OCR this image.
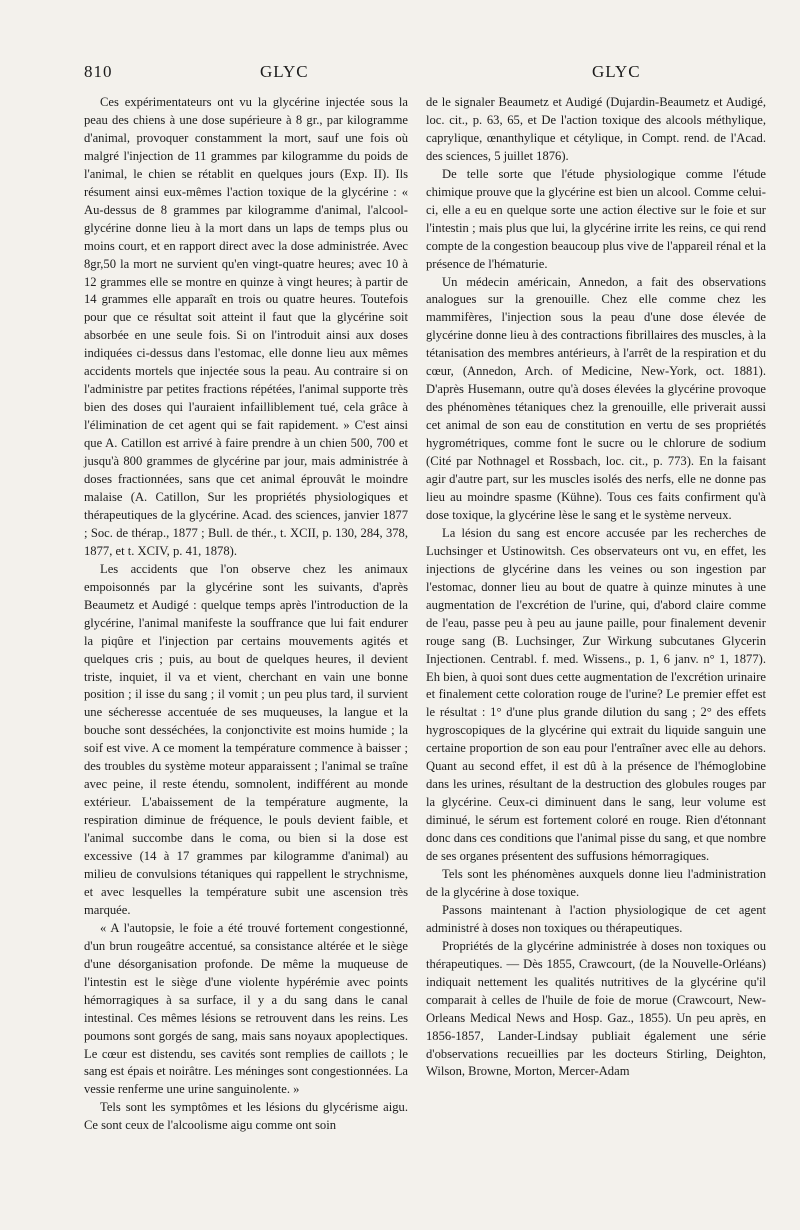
810	GLYC	GLYC

Ces expérimentateurs ont vu la glycérine injectée sous la peau des chiens à une dose supérieure à 8 gr., par kilogramme d'animal, provoquer constamment la mort, sauf une fois où malgré l'injection de 11 grammes par kilogramme du poids de l'animal, le chien se rétablit en quelques jours (Exp. II). Ils résument ainsi eux-mêmes l'action toxique de la glycérine : « Au-dessus de 8 grammes par kilogramme d'animal, l'alcool-glycérine donne lieu à la mort dans un laps de temps plus ou moins court, et en rapport direct avec la dose administrée. Avec 8gr,50 la mort ne survient qu'en vingt-quatre heures; avec 10 à 12 grammes elle se montre en quinze à vingt heures; à partir de 14 grammes elle apparaît en trois ou quatre heures. Toutefois pour que ce résultat soit atteint il faut que la glycérine soit absorbée en une seule fois. Si on l'introduit ainsi aux doses indiquées ci-dessus dans l'estomac, elle donne lieu aux mêmes accidents mortels que injectée sous la peau. Au contraire si on l'administre par petites fractions répétées, l'animal supporte très bien des doses qui l'auraient infailliblement tué, cela grâce à l'élimination de cet agent qui se fait rapidement. » C'est ainsi que A. Catillon est arrivé à faire prendre à un chien 500, 700 et jusqu'à 800 grammes de glycérine par jour, mais administrée à doses fractionnées, sans que cet animal éprouvât le moindre malaise (A. Catillon, Sur les propriétés physiologiques et thérapeutiques de la glycérine. Acad. des sciences, janvier 1877 ; Soc. de thérap., 1877 ; Bull. de thér., t. XCII, p. 130, 284, 378, 1877, et t. XCIV, p. 41, 1878).

Les accidents que l'on observe chez les animaux empoisonnés par la glycérine sont les suivants, d'après Beaumetz et Audigé : quelque temps après l'introduction de la glycérine, l'animal manifeste la souffrance que lui fait endurer la piqûre et l'injection par certains mouvements agités et quelques cris ; puis, au bout de quelques heures, il devient triste, inquiet, il va et vient, cherchant en vain une bonne position ; il isse du sang ; il vomit ; un peu plus tard, il survient une sécheresse accentuée de ses muqueuses, la langue et la bouche sont desséchées, la conjonctivite est moins humide ; la soif est vive. A ce moment la température commence à baisser ; des troubles du système moteur apparaissent ; l'animal se traîne avec peine, il reste étendu, somnolent, indifférent au monde extérieur. L'abaissement de la température augmente, la respiration diminue de fréquence, le pouls devient faible, et l'animal succombe dans le coma, ou bien si la dose est excessive (14 à 17 grammes par kilogramme d'animal) au milieu de convulsions tétaniques qui rappellent le strychnisme, et avec lesquelles la température subit une ascension très marquée.

« A l'autopsie, le foie a été trouvé fortement congestionné, d'un brun rougeâtre accentué, sa consistance altérée et le siège d'une désorganisation profonde. De même la muqueuse de l'intestin est le siège d'une violente hypérémie avec points hémorragiques à sa surface, il y a du sang dans le canal intestinal. Ces mêmes lésions se retrouvent dans les reins. Les poumons sont gorgés de sang, mais sans noyaux apoplectiques. Le cœur est distendu, ses cavités sont remplies de caillots ; le sang est épais et noirâtre. Les méninges sont congestionnées. La vessie renferme une urine sanguinolente. »

Tels sont les symptômes et les lésions du glycérisme aigu. Ce sont ceux de l'alcoolisme aigu comme ont soin

de le signaler Beaumetz et Audigé (Dujardin-Beaumetz et Audigé, loc. cit., p. 63, 65, et De l'action toxique des alcools méthylique, caprylique, œnanthylique et cétylique, in Compt. rend. de l'Acad. des sciences, 5 juillet 1876).

De telle sorte que l'étude physiologique comme l'étude chimique prouve que la glycérine est bien un alcool. Comme celui-ci, elle a eu en quelque sorte une action élective sur le foie et sur l'intestin ; mais plus que lui, la glycérine irrite les reins, ce qui rend compte de la congestion beaucoup plus vive de l'appareil rénal et la présence de l'hématurie.

Un médecin américain, Annedon, a fait des observations analogues sur la grenouille. Chez elle comme chez les mammifères, l'injection sous la peau d'une dose élevée de glycérine donne lieu à des contractions fibrillaires des muscles, à la tétanisation des membres antérieurs, à l'arrêt de la respiration et du cœur, (Annedon, Arch. of Medicine, New-York, oct. 1881). D'après Husemann, outre qu'à doses élevées la glycérine provoque des phénomènes tétaniques chez la grenouille, elle priverait aussi cet animal de son eau de constitution en vertu de ses propriétés hygrométriques, comme font le sucre ou le chlorure de sodium (Cité par Nothnagel et Rossbach, loc. cit., p. 773). En la faisant agir d'autre part, sur les muscles isolés des nerfs, elle ne donne pas lieu au moindre spasme (Kühne). Tous ces faits confirment qu'à dose toxique, la glycérine lèse le sang et le système nerveux.

La lésion du sang est encore accusée par les recherches de Luchsinger et Ustinowitsh. Ces observateurs ont vu, en effet, les injections de glycérine dans les veines ou son ingestion par l'estomac, donner lieu au bout de quatre à quinze minutes à une augmentation de l'excrétion de l'urine, qui, d'abord claire comme de l'eau, passe peu à peu au jaune paille, pour finalement devenir rouge sang (B. Luchsinger, Zur Wirkung subcutanes Glycerin Injectionen. Centrabl. f. med. Wissens., p. 1, 6 janv. n° 1, 1877). Eh bien, à quoi sont dues cette augmentation de l'excrétion urinaire et finalement cette coloration rouge de l'urine? Le premier effet est le résultat : 1° d'une plus grande dilution du sang ; 2° des effets hygroscopiques de la glycérine qui extrait du liquide sanguin une certaine proportion de son eau pour l'entraîner avec elle au dehors. Quant au second effet, il est dû à la présence de l'hémoglobine dans les urines, résultant de la destruction des globules rouges par la glycérine. Ceux-ci diminuent dans le sang, leur volume est diminué, le sérum est fortement coloré en rouge. Rien d'étonnant donc dans ces conditions que l'animal pisse du sang, et que nombre de ses organes présentent des suffusions hémorragiques.

Tels sont les phénomènes auxquels donne lieu l'administration de la glycérine à dose toxique.

Passons maintenant à l'action physiologique de cet agent administré à doses non toxiques ou thérapeutiques.

Propriétés de la glycérine administrée à doses non toxiques ou thérapeutiques. — Dès 1855, Crawcourt, (de la Nouvelle-Orléans) indiquait nettement les qualités nutritives de la glycérine qu'il comparait à celles de l'huile de foie de morue (Crawcourt, New-Orleans Medical News and Hosp. Gaz., 1855). Un peu après, en 1856-1857, Lander-Lindsay publiait également une série d'observations recueillies par les docteurs Stirling, Deighton, Wilson, Browne, Morton, Mercer-Adam
